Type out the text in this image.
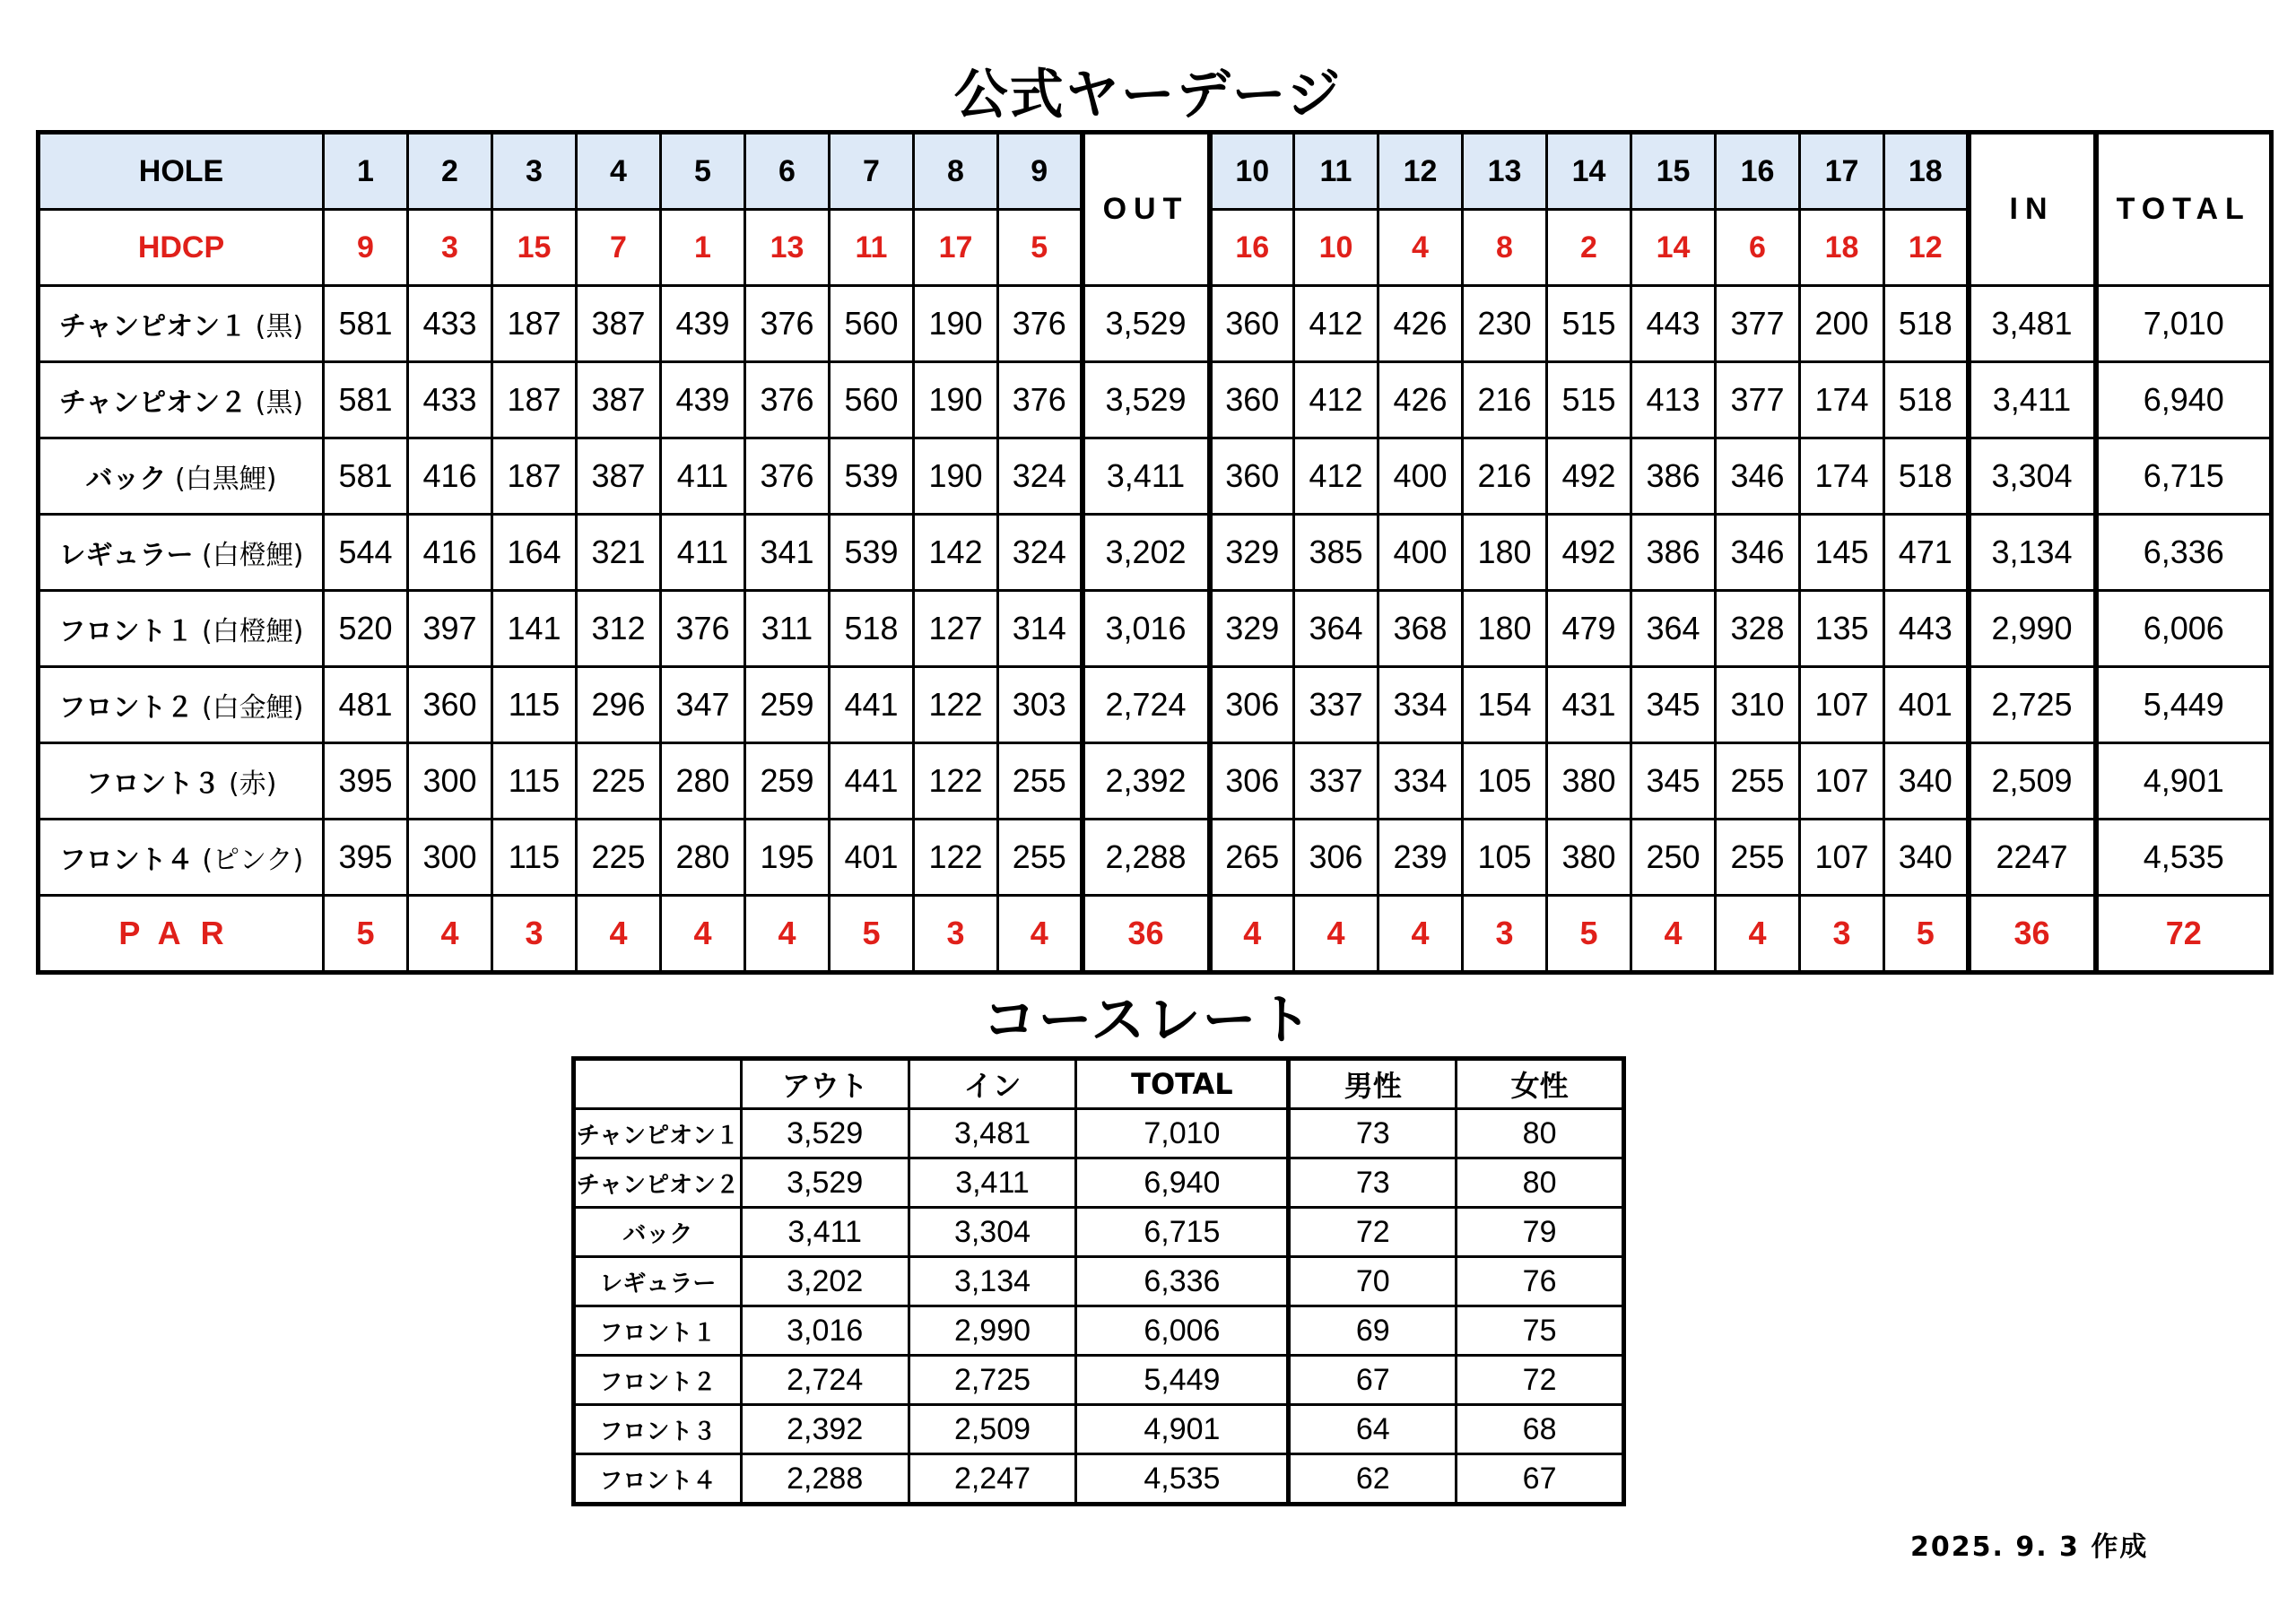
公式ヤーデージ
HOLE	1	2	3	4	5	6	7	8	9	OUT	10	11	12	13	14	15	16	17	18	IN	TOTAL
HDCP	9	3	15	7	1	13	11	17	5		16	10	4	8	2	14	6	18	12		
チャンピオン１ (黒)	581	433	187	387	439	376	560	190	376	3,529	360	412	426	230	515	443	377	200	518	3,481	7,010
チャンピオン２ (黒)	581	433	187	387	439	376	560	190	376	3,529	360	412	426	216	515	413	377	174	518	3,411	6,940
バック (白黒鯉)	581	416	187	387	411	376	539	190	324	3,411	360	412	400	216	492	386	346	174	518	3,304	6,715
レギュラー (白橙鯉)	544	416	164	321	411	341	539	142	324	3,202	329	385	400	180	492	386	346	145	471	3,134	6,336
フロント１ (白橙鯉)	520	397	141	312	376	311	518	127	314	3,016	329	364	368	180	479	364	328	135	443	2,990	6,006
フロント２ (白金鯉)	481	360	115	296	347	259	441	122	303	2,724	306	337	334	154	431	345	310	107	401	2,725	5,449
フロント３ (赤)	395	300	115	225	280	259	441	122	255	2,392	306	337	334	105	380	345	255	107	340	2,509	4,901
フロント４ (ピンク)	395	300	115	225	280	195	401	122	255	2,288	265	306	239	105	380	250	255	107	340	2247	4,535
PAR	5	4	3	4	4	4	5	3	4	36	4	4	4	3	5	4	4	3	5	36	72
コースレート
	アウト	イン	TOTAL	男性	女性
チャンピオン１	3,529	3,481	7,010	73	80
チャンピオン２	3,529	3,411	6,940	73	80
バック	3,411	3,304	6,715	72	79
レギュラー	3,202	3,134	6,336	70	76
フロント１	3,016	2,990	6,006	69	75
フロント２	2,724	2,725	5,449	67	72
フロント３	2,392	2,509	4,901	64	68
フロント４	2,288	2,247	4,535	62	67
2025. 9. 3 作成
